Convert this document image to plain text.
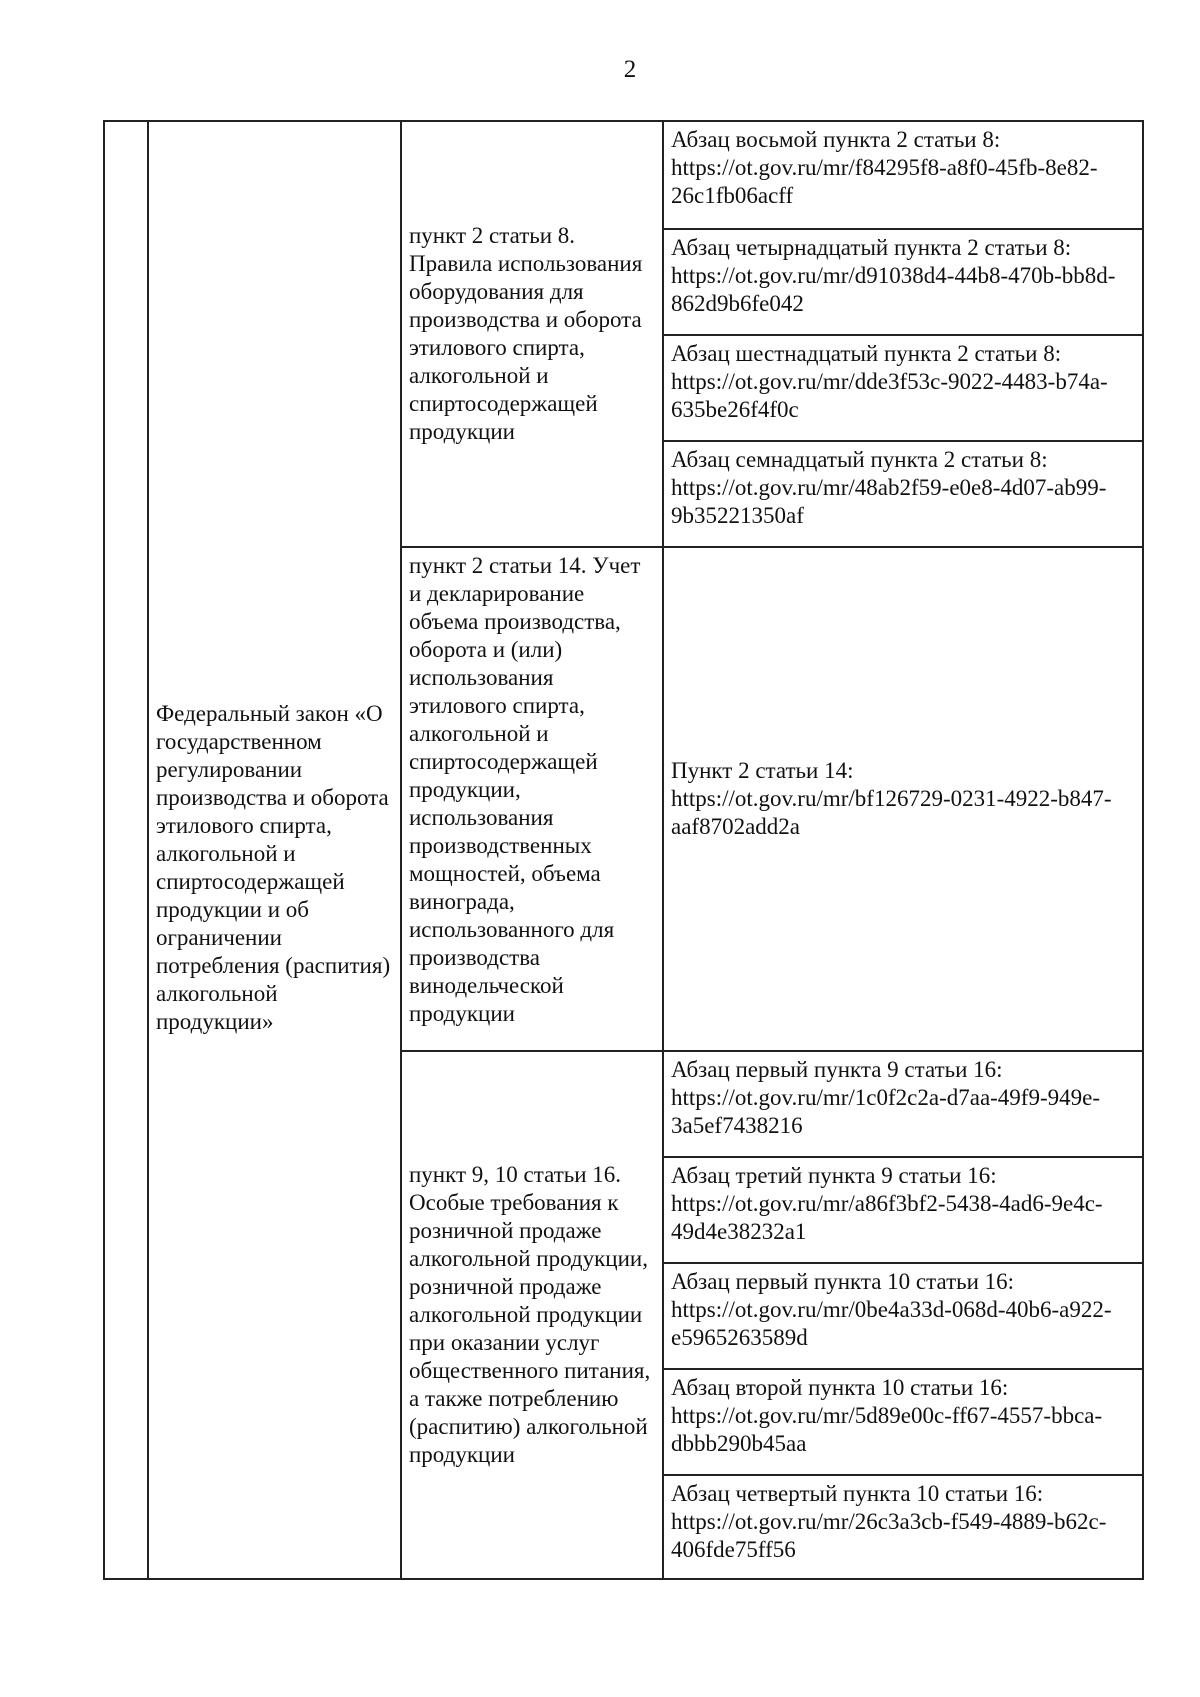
2
	Федеральный закон «О государственном регулировании производства и оборота этилового спирта, алкогольной и спиртосодержащей продукции и об ограничении потребления (распития) алкогольной продукции»	пункт 2 статьи 8. Правила использования оборудования для производства и оборота этилового спирта, алкогольной и спиртосодержащей продукции	Абзац восьмой пункта 2 статьи 8:
https://ot.gov.ru/mr/f84295f8-a8f0-45fb-8e82-26c1fb06acff

			Абзац четырнадцатый пункта 2 статьи 8:
https://ot.gov.ru/mr/d91038d4-44b8-470b-bb8d-862d9b6fe042

			Абзац шестнадцатый пункта 2 статьи 8:
https://ot.gov.ru/mr/dde3f53c-9022-4483-b74a-635be26f4f0c

			Абзац семнадцатый пункта 2 статьи 8:
https://ot.gov.ru/mr/48ab2f59-e0e8-4d07-ab99-9b35221350af

		пункт 2 статьи 14. Учет и декларирование объема производства, оборота и (или) использования этилового спирта, алкогольной и спиртосодержащей продукции, использования производственных мощностей, объема винограда, использованного для производства винодельческой продукции	Пункт 2 статьи 14:
https://ot.gov.ru/mr/bf126729-0231-4922-b847-aaf8702add2a

		пункт 9, 10 статьи 16. Особые требования к розничной продаже алкогольной продукции, розничной продаже алкогольной продукции при оказании услуг общественного питания, а также потреблению (распитию) алкогольной продукции	Абзац первый пункта 9 статьи 16:
https://ot.gov.ru/mr/1c0f2c2a-d7aa-49f9-949e-3a5ef7438216

			Абзац третий пункта 9 статьи 16:
https://ot.gov.ru/mr/a86f3bf2-5438-4ad6-9e4c-49d4e38232a1

			Абзац первый пункта 10 статьи 16:
https://ot.gov.ru/mr/0be4a33d-068d-40b6-a922-e5965263589d

			Абзац второй пункта 10 статьи 16:
https://ot.gov.ru/mr/5d89e00c-ff67-4557-bbca-dbbb290b45aa

			Абзац четвертый пункта 10 статьи 16:
https://ot.gov.ru/mr/26c3a3cb-f549-4889-b62c-406fde75ff56
